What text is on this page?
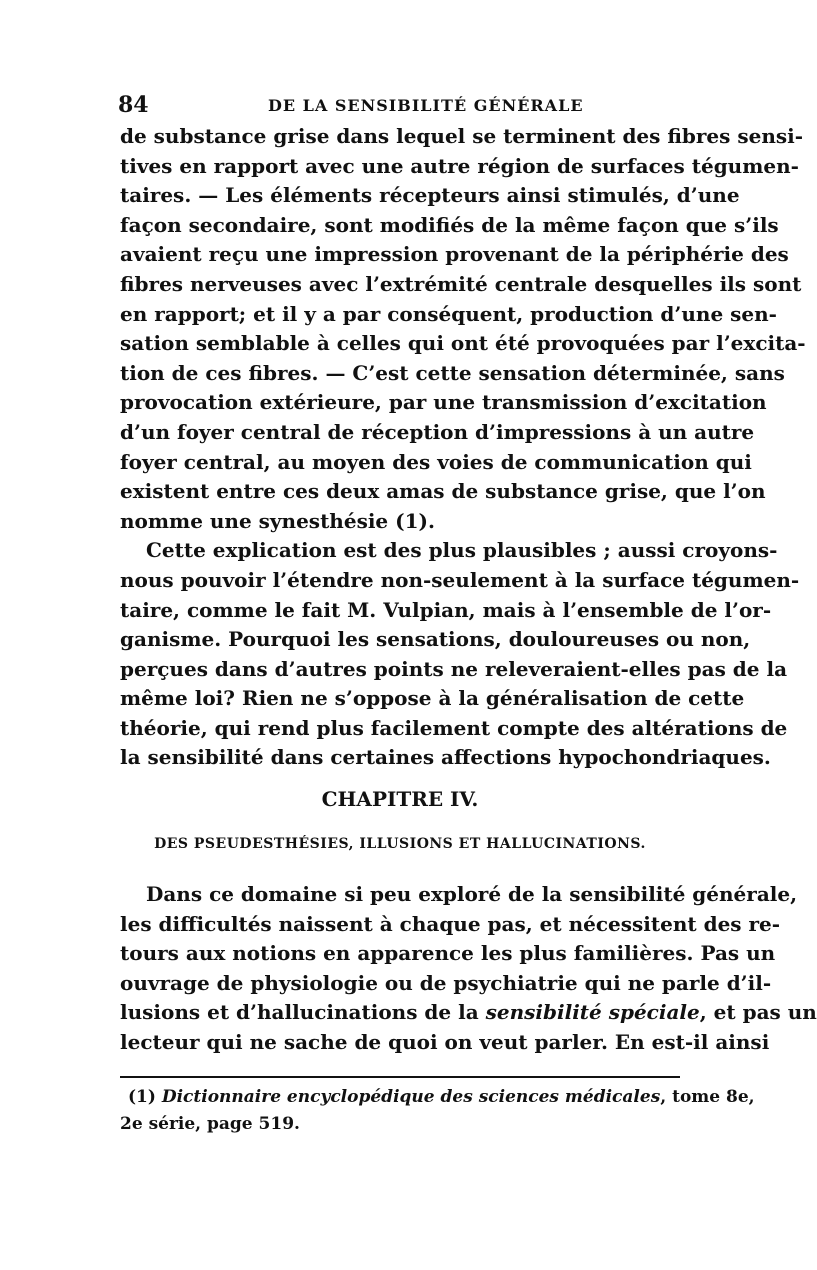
84	DE LA SENSIBILITÉ GÉNÉRALE
de substance grise dans lequel se terminent des fibres sensi-
tives en rapport avec une autre région de surfaces tégumen-
taires. — Les éléments récepteurs ainsi stimulés, d’une
façon secondaire, sont modifiés de la même façon que s’ils
avaient reçu une impression provenant de la périphérie des
fibres nerveuses avec l’extrémité centrale desquelles ils sont
en rapport; et il y a par conséquent, production d’une sen-
sation semblable à celles qui ont été provoquées par l’excita-
tion de ces fibres. — C’est cette sensation déterminée, sans
provocation extérieure, par une transmission d’excitation
d’un foyer central de réception d’impressions à un autre
foyer central, au moyen des voies de communication qui
existent entre ces deux amas de substance grise, que l’on
nomme une synesthésie (1).
Cette explication est des plus plausibles ; aussi croyons-
nous pouvoir l’étendre non-seulement à la surface tégumen-
taire, comme le fait M. Vulpian, mais à l’ensemble de l’or-
ganisme. Pourquoi les sensations, douloureuses ou non,
perçues dans d’autres points ne releveraient-elles pas de la
même loi? Rien ne s’oppose à la généralisation de cette
théorie, qui rend plus facilement compte des altérations de
la sensibilité dans certaines affections hypochondriaques.
CHAPITRE IV.
DES PSEUDESTHÉSIES, ILLUSIONS ET HALLUCINATIONS.
Dans ce domaine si peu exploré de la sensibilité générale,
les difficultés naissent à chaque pas, et nécessitent des re-
tours aux notions en apparence les plus familières. Pas un
ouvrage de physiologie ou de psychiatrie qui ne parle d’il-
lusions et d’hallucinations de la sensibilité spéciale, et pas un
lecteur qui ne sache de quoi on veut parler. En est-il ainsi
(1) Dictionnaire encyclopédique des sciences médicales, tome 8e,
2e série, page 519.
